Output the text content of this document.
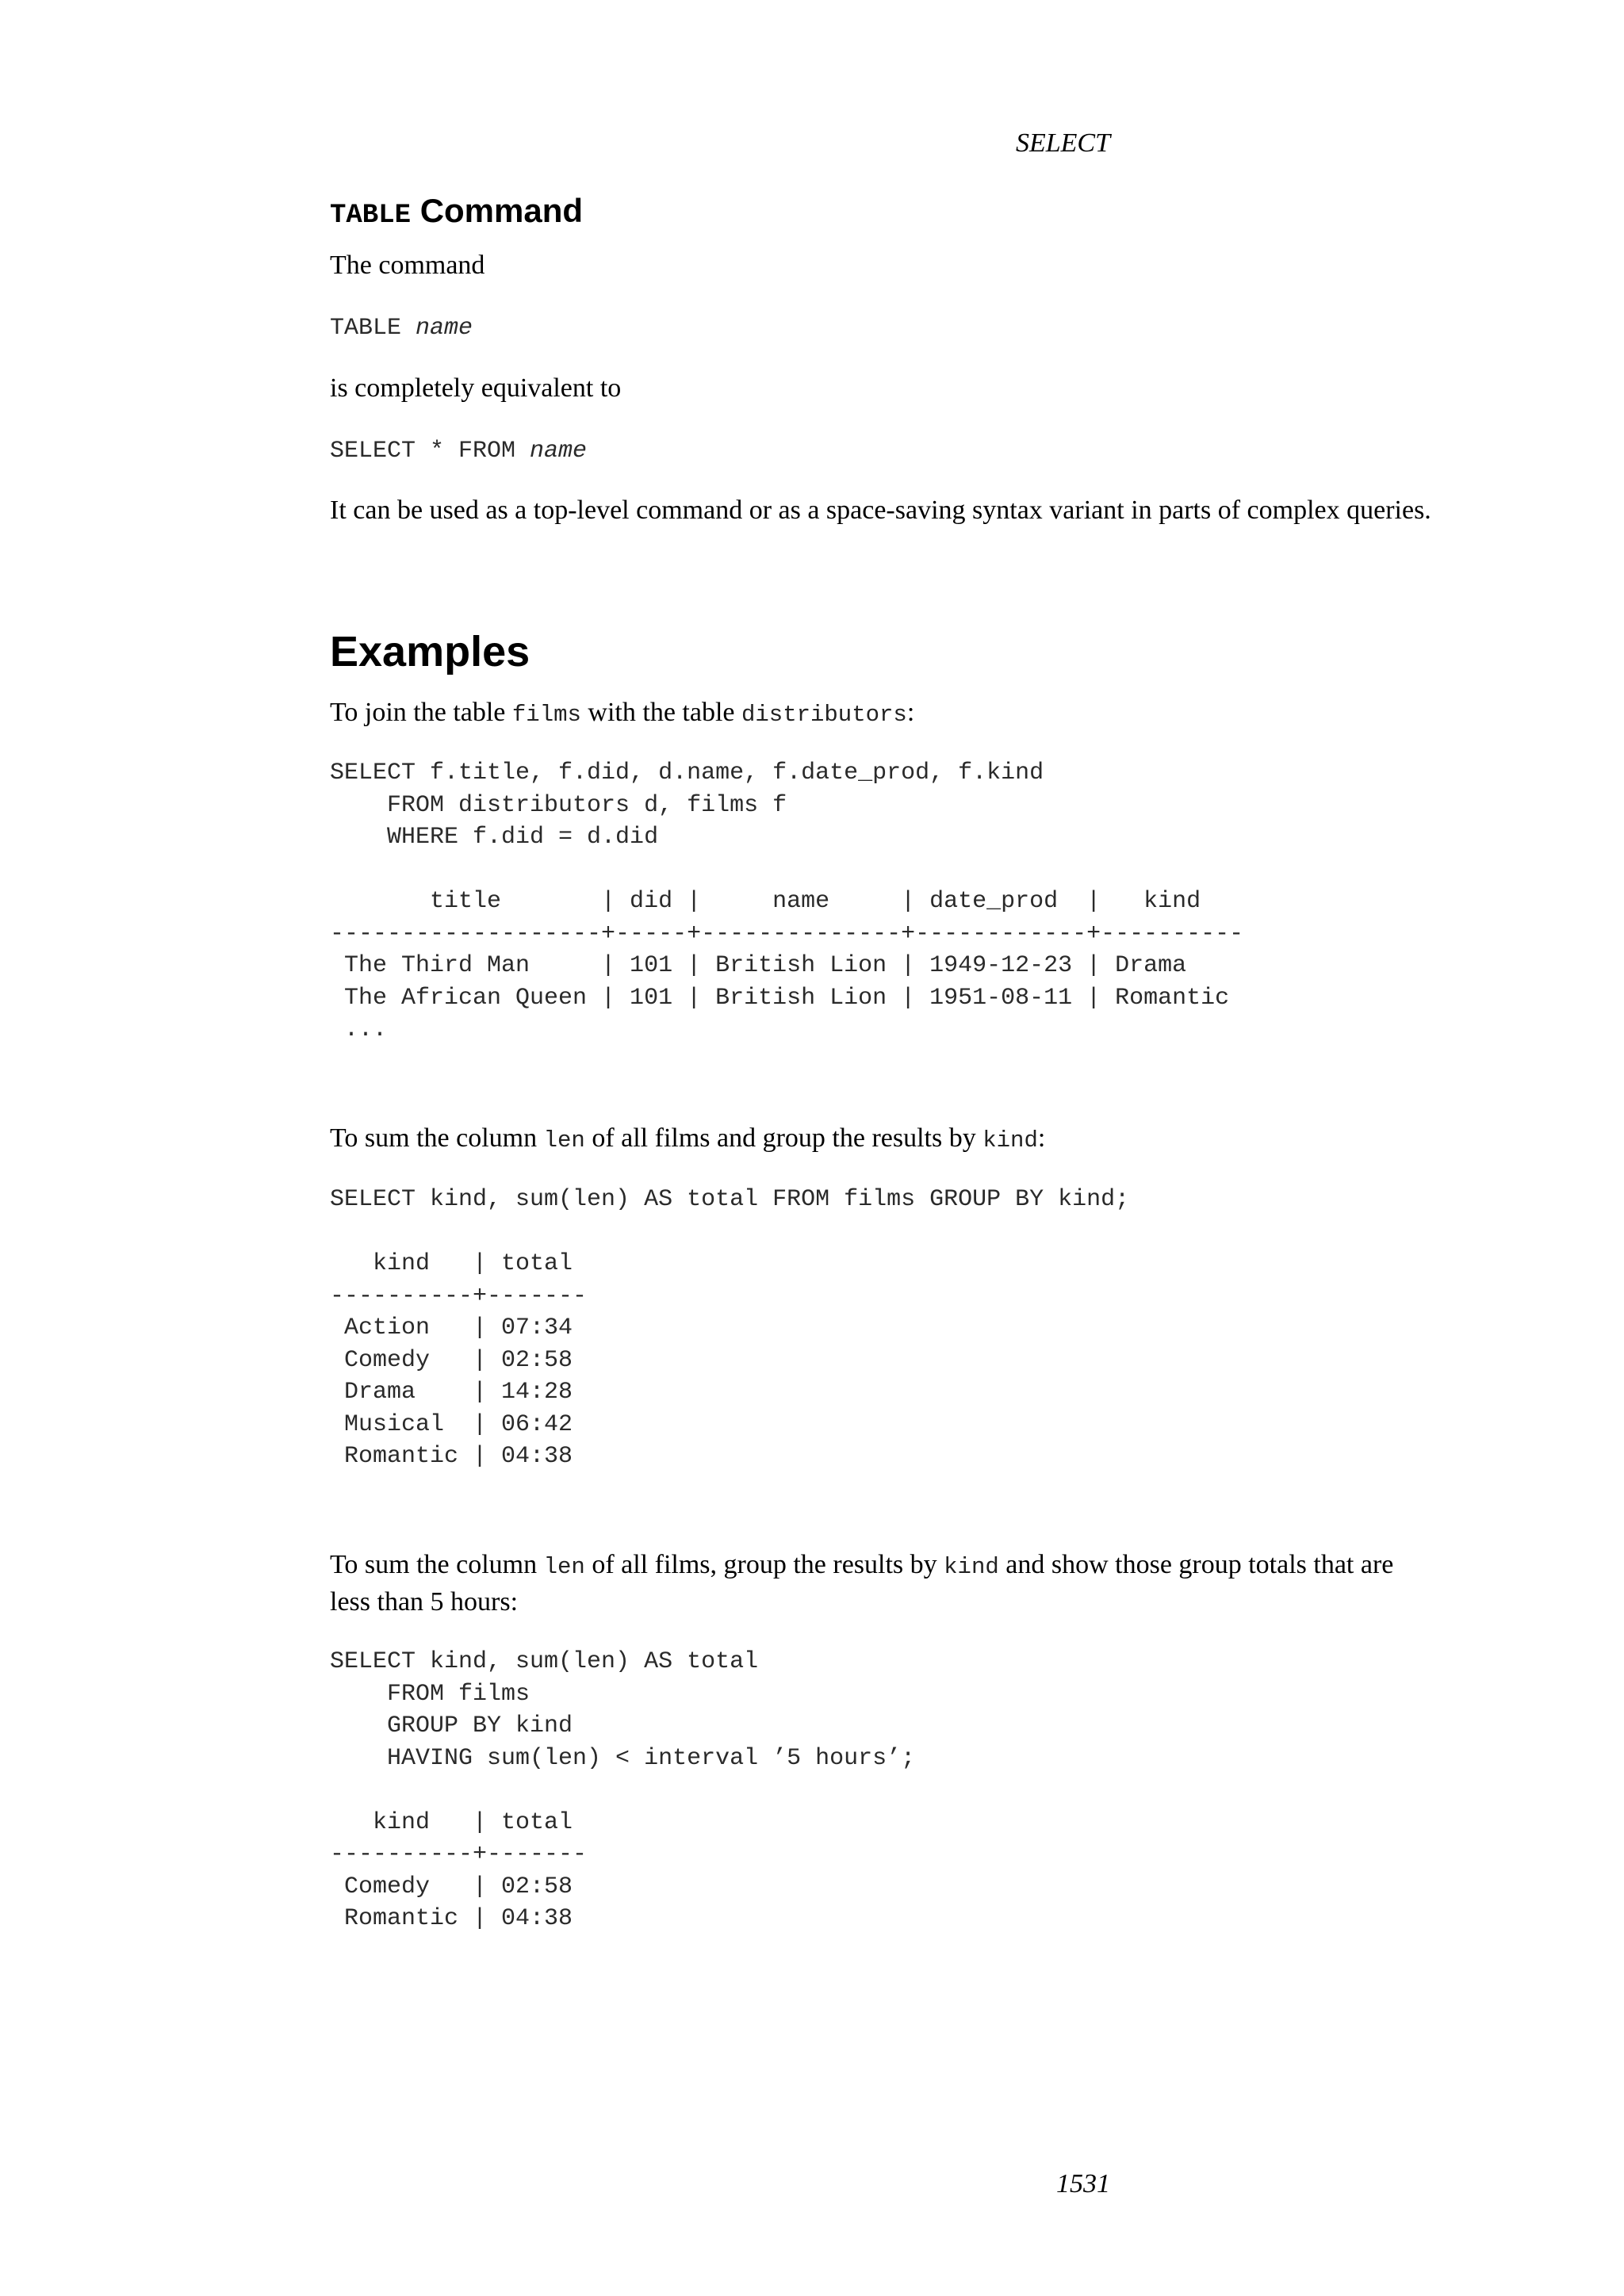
SELECT
TABLE Command
The command
TABLE name
is completely equivalent to
SELECT * FROM name
It can be used as a top-level command or as a space-saving syntax variant in parts of complex queries.
Examples
To join the table films with the table distributors:
SELECT f.title, f.did, d.name, f.date_prod, f.kind
FROM distributors d, films f
WHERE f.did = d.did

title       | did |     name     | date_prod  |   kind
-------------------+-----+--------------+------------+----------
The Third Man     | 101 | British Lion | 1949-12-23 | Drama
The African Queen | 101 | British Lion | 1951-08-11 | Romantic
...
To sum the column len of all films and group the results by kind:
SELECT kind, sum(len) AS total FROM films GROUP BY kind;

kind   | total
----------+-------
Action   | 07:34
Comedy   | 02:58
Drama    | 14:28
Musical  | 06:42
Romantic | 04:38
To sum the column len of all films, group the results by kind and show those group totals that are less than 5 hours:
SELECT kind, sum(len) AS total
FROM films
GROUP BY kind
HAVING sum(len) < interval ’5 hours’;

kind   | total
----------+-------
Comedy   | 02:58
Romantic | 04:38
1531
